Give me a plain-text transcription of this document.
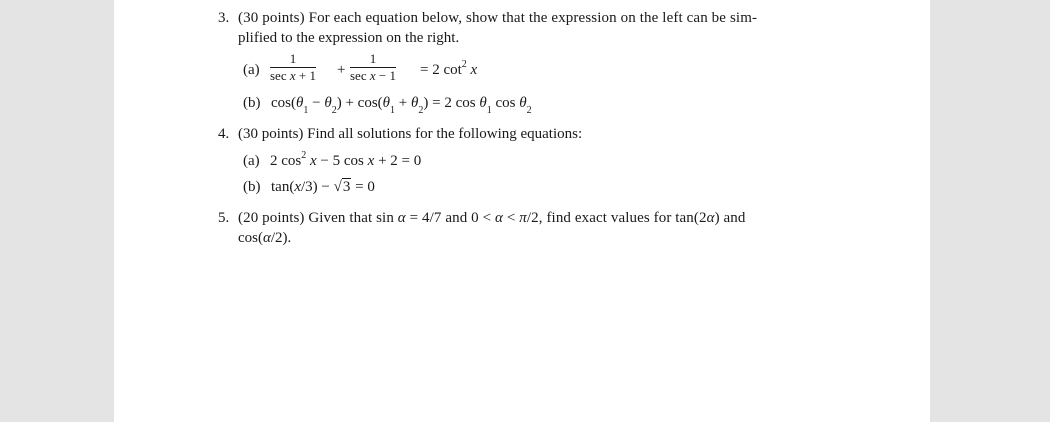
3. (30 points) For each equation below, show that the expression on the left can be sim-
plified to the expression on the right.
(a)
1
sec x + 1 +
1
sec x − 1 = 2 $\cot^2 x$
(b) $\cos(\theta_1 - \theta_2) + \cos(\theta_1 + \theta_2) = 2$ $\cos \theta_1$ $\cos \theta_2$
4. (30 points) Find all solutions for the following equations:
(a) 2 $\cos^2 x - 5$ cos x + 2 = 0
(b) tan(x/3) − √3 = 0
5. (20 points) Given that sin α = 4/7 and 0 < α < π/2, find exact values for tan(2α) and
cos(α/2).
